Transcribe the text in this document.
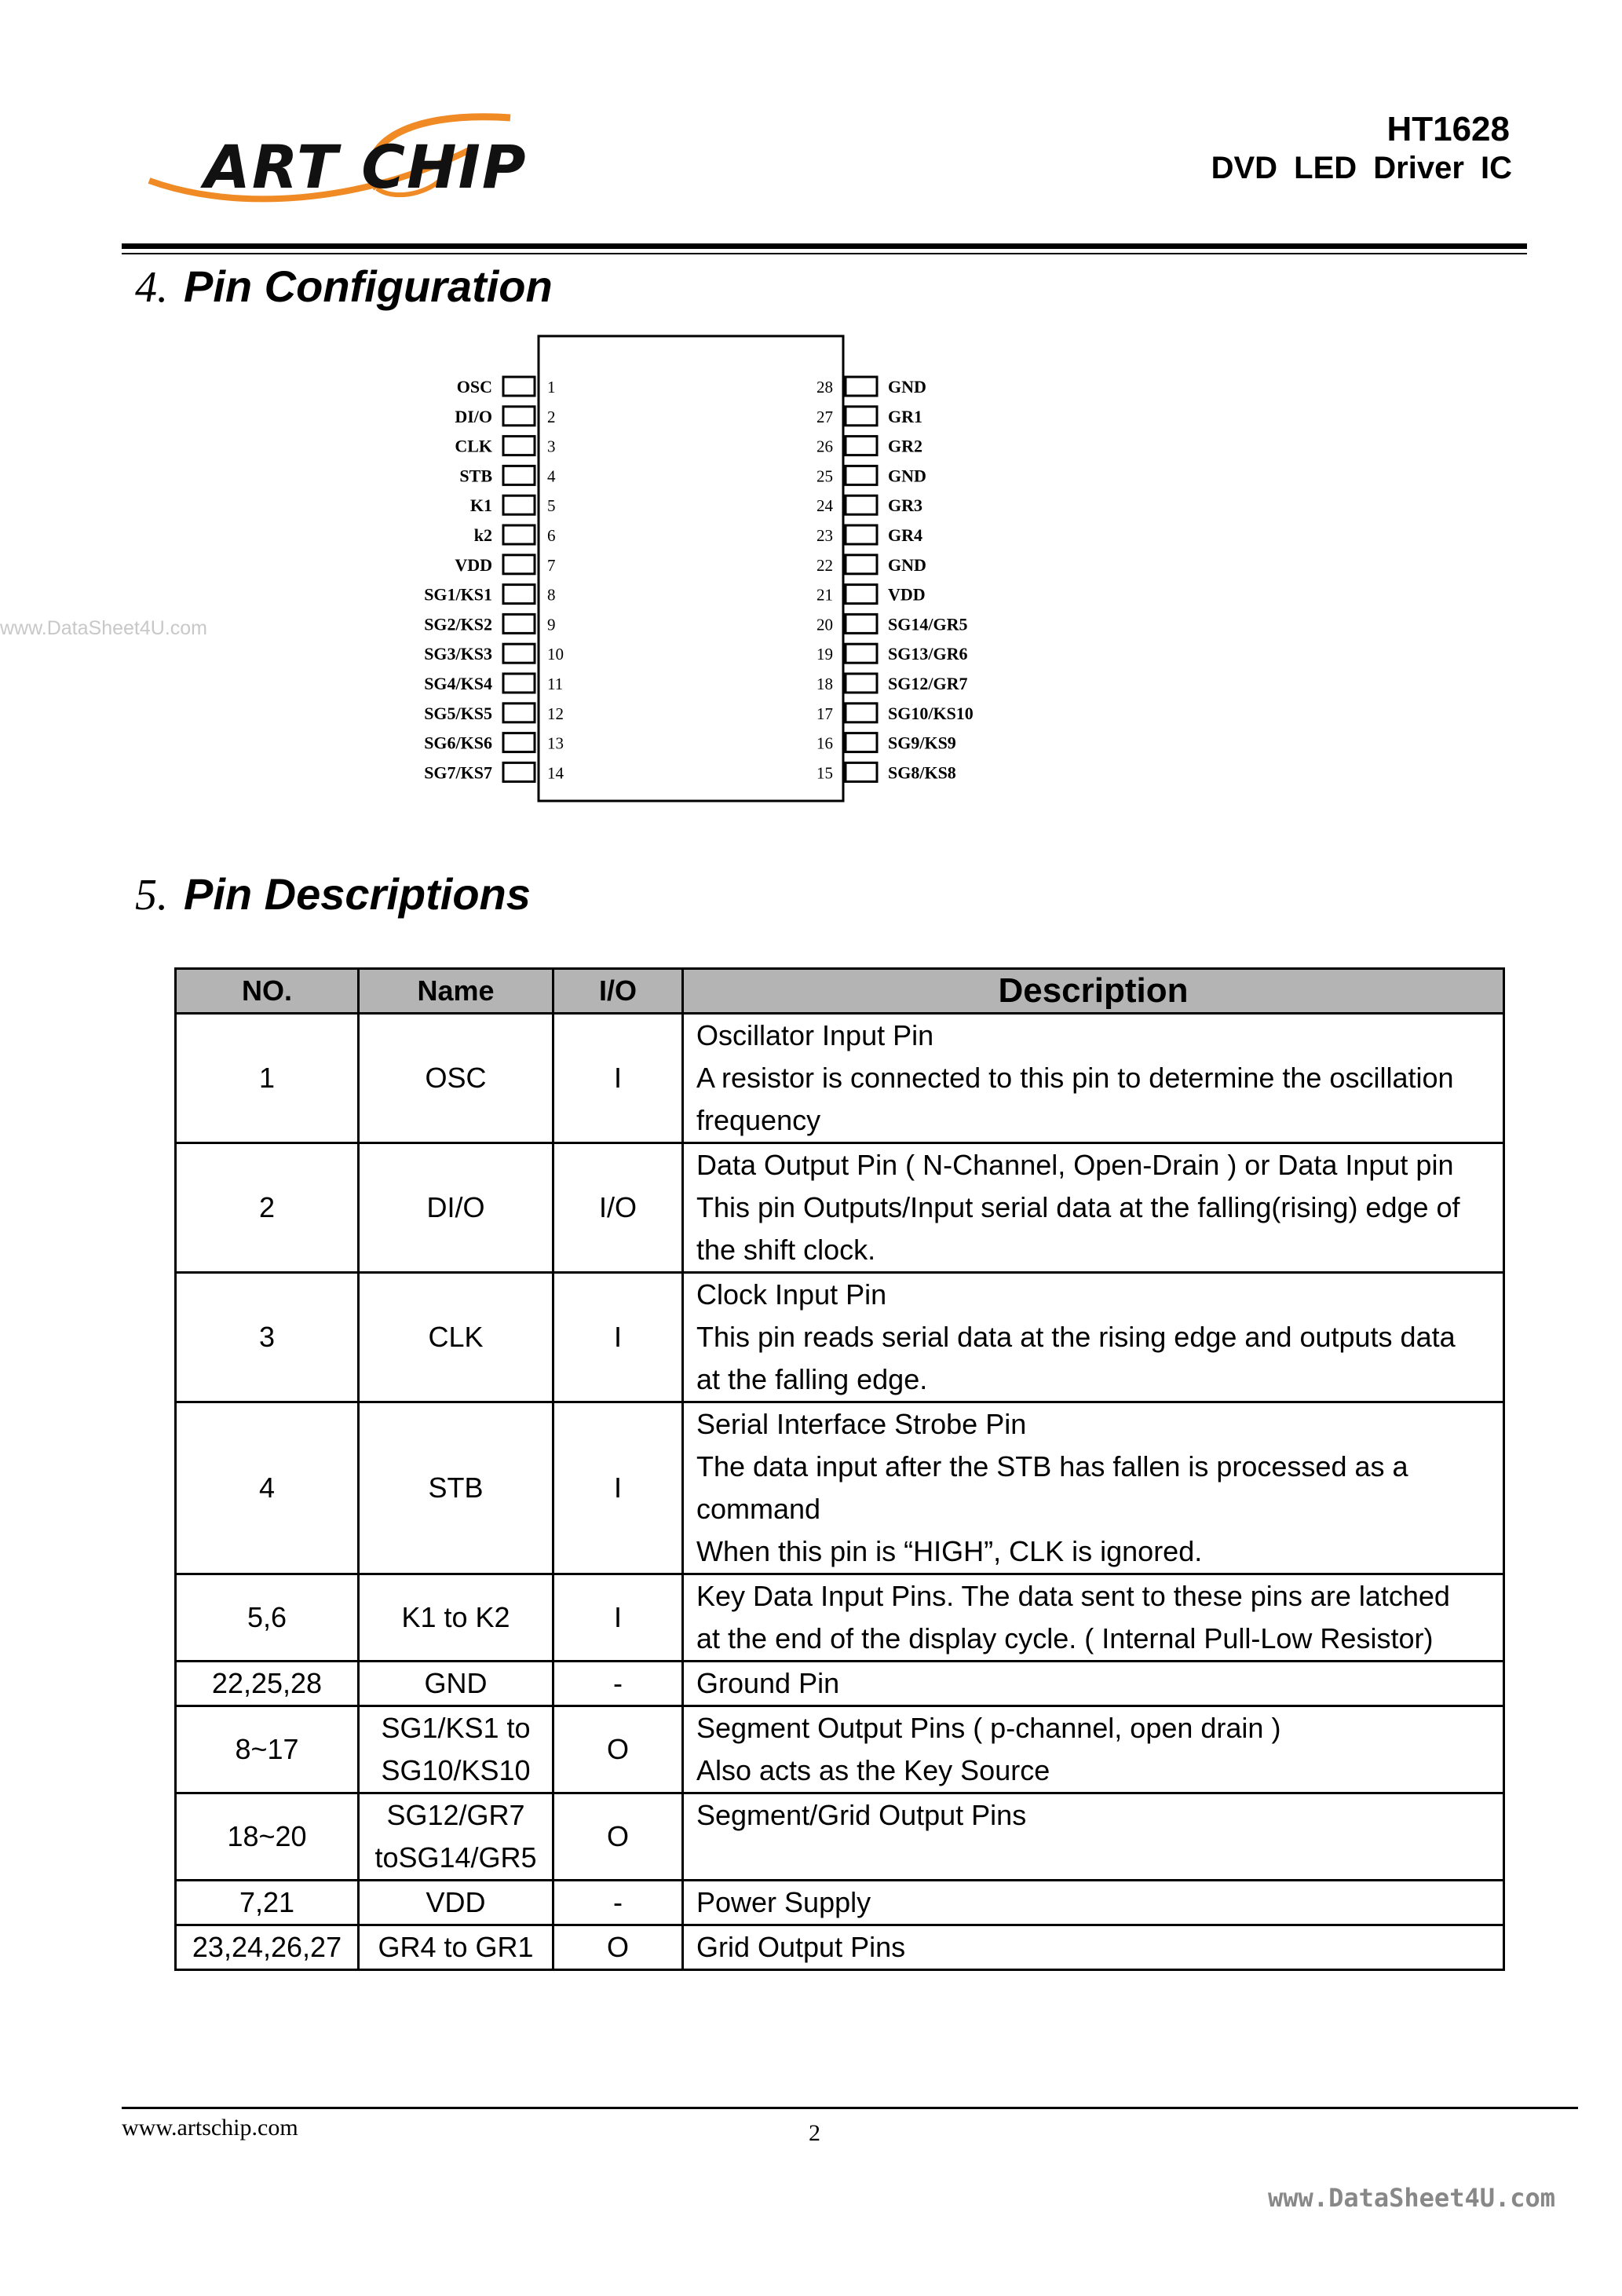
ART CHIP
HT1628
DVD LED Driver IC
www.DataSheet4U.com
4. Pin Configuration
OSC	1
DI/O	2
CLK	3
STB	4
K1	5
k2	6
VDD	7
SG1/KS1	8
SG2/KS2	9
SG3/KS3	10
SG4/KS4	11
SG5/KS5	12
SG6/KS6	13
SG7/KS7	14
GND
28
GR1
27
GR2
26
GND
25
GR3
24
GR4
23
GND
22
VDD
21
SG14/GR5
20
SG13/GR6
19
SG12/GR7
18
SG10/KS10
17
SG9/KS9
16
SG8/KS8
15
5. Pin Descriptions
NO.	Name	I/O	Description
1	OSC	I	Oscillator Input Pin
A resistor is connected to this pin to determine the oscillation
frequency

2	DI/O	I/O	Data Output Pin ( N-Channel, Open-Drain ) or Data Input pin
This pin Outputs/Input serial data at the falling(rising) edge of
the shift clock.

3	CLK	I	Clock Input Pin
This pin reads serial data at the rising edge and outputs data
at the falling edge.

4	STB	I	Serial Interface Strobe Pin
The data input after the STB has fallen is processed as a
command
When this pin is “HIGH”, CLK is ignored.

5,6	K1 to K2	I	Key Data Input Pins. The data sent to these pins are latched
at the end of the display cycle. ( Internal Pull-Low Resistor)

22,25,28	GND	-	Ground Pin

8~17	SG1/KS1 to
SG10/KS10	O	Segment Output Pins ( p-channel, open drain )
Also acts as the Key Source

18~20	SG12/GR7
toSG14/GR5	O	Segment/Grid Output Pins

7,21	VDD	-	Power Supply

23,24,26,27	GR4 to GR1	O	Grid Output Pins
www.artschip.com	2
www.DataSheet4U.com
